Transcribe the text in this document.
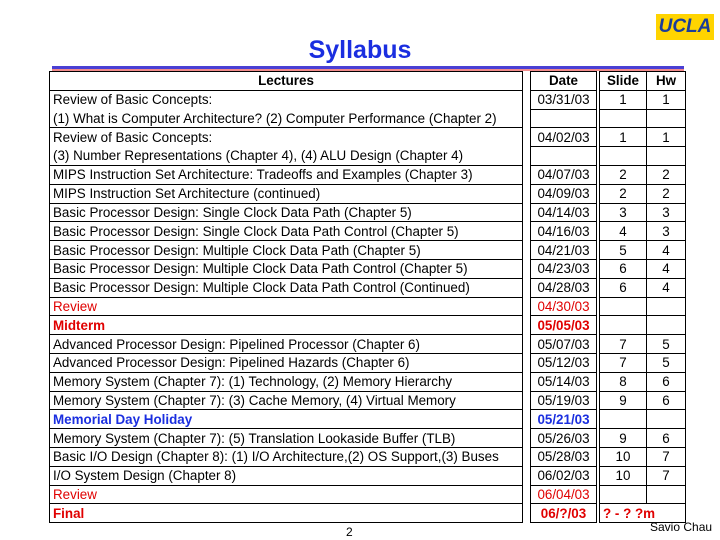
UCLA
Syllabus
Lectures		Date		Slide	Hw
Review of Basic Concepts:		03/31/03		1	1
(1) What is Computer Architecture? (2) Computer Performance (Chapter 2)					
Review of Basic Concepts:		04/02/03		1	1
(3) Number Representations (Chapter 4), (4) ALU Design (Chapter 4)					
MIPS Instruction Set Architecture: Tradeoffs and Examples (Chapter 3)		04/07/03		2	2
MIPS Instruction Set Architecture (continued)		04/09/03		2	2
Basic Processor Design: Single Clock Data Path (Chapter 5)		04/14/03		3	3
Basic Processor Design: Single Clock Data Path Control (Chapter 5)		04/16/03		4	3
Basic Processor Design: Multiple Clock Data Path (Chapter 5)		04/21/03		5	4
Basic Processor Design: Multiple Clock Data Path Control (Chapter 5)		04/23/03		6	4
Basic Processor Design: Multiple Clock Data Path Control (Continued)		04/28/03		6	4
Review		04/30/03			
Midterm		05/05/03			
Advanced Processor Design: Pipelined Processor (Chapter 6)		05/07/03		7	5
Advanced Processor Design: Pipelined Hazards (Chapter 6)		05/12/03		7	5
Memory System (Chapter 7): (1) Technology, (2) Memory Hierarchy		05/14/03		8	6
Memory System (Chapter 7): (3) Cache Memory, (4) Virtual Memory		05/19/03		9	6
Memorial Day Holiday		05/21/03			
Memory System (Chapter 7): (5) Translation Lookaside Buffer (TLB)		05/26/03		9	6
Basic I/O Design (Chapter 8): (1) I/O Architecture,(2) OS Support,(3) Buses		05/28/03		10	7
I/O System Design (Chapter 8)		06/02/03		10	7
Review		06/04/03			
Final		06/?/03		? - ? ?m	
2	Savio Chau
